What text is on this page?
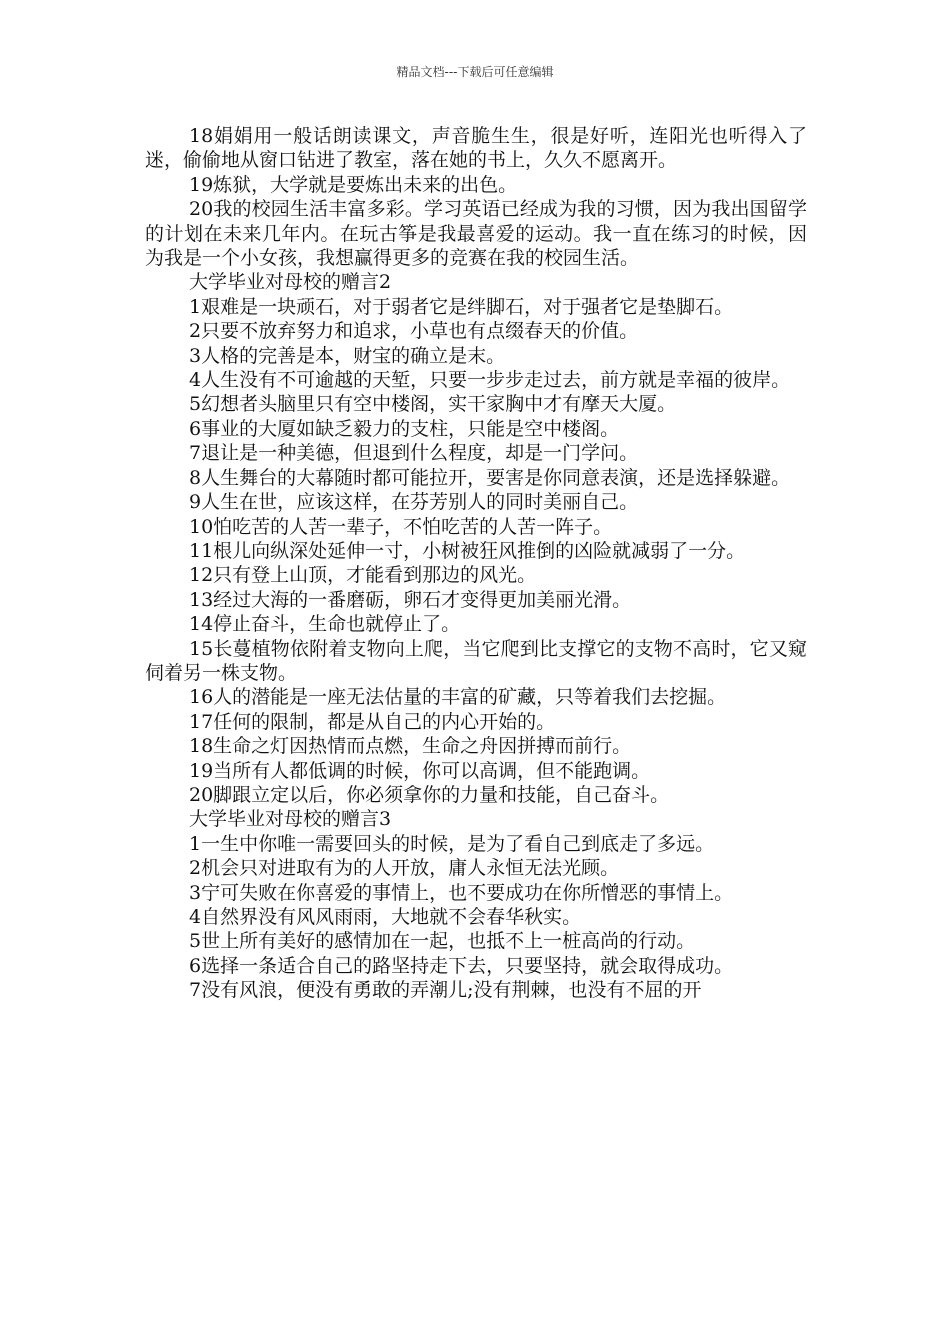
精品文档---下载后可任意编辑

18娟娟用一般话朗读课文，声音脆生生，很是好听，连阳光也听得入了迷，偷偷地从窗口钻进了教室，落在她的书上，久久不愿离开。

19炼狱，大学就是要炼出未来的出色。

20我的校园生活丰富多彩。学习英语已经成为我的习惯，因为我出国留学的计划在未来几年内。在玩古筝是我最喜爱的运动。我一直在练习的时候，因为我是一个小女孩，我想赢得更多的竞赛在我的校园生活。

大学毕业对母校的赠言2

1艰难是一块顽石，对于弱者它是绊脚石，对于强者它是垫脚石。

2只要不放弃努力和追求，小草也有点缀春天的价值。

3人格的完善是本，财宝的确立是末。

4人生没有不可逾越的天堑，只要一步步走过去，前方就是幸福的彼岸。

5幻想者头脑里只有空中楼阁，实干家胸中才有摩天大厦。

6事业的大厦如缺乏毅力的支柱，只能是空中楼阁。

7退让是一种美德，但退到什么程度，却是一门学问。

8人生舞台的大幕随时都可能拉开，要害是你同意表演，还是选择躲避。

9人生在世，应该这样，在芬芳别人的同时美丽自己。

10怕吃苦的人苦一辈子，不怕吃苦的人苦一阵子。

11根儿向纵深处延伸一寸，小树被狂风推倒的凶险就减弱了一分。

12只有登上山顶，才能看到那边的风光。

13经过大海的一番磨砺，卵石才变得更加美丽光滑。

14停止奋斗，生命也就停止了。

15长蔓植物依附着支物向上爬，当它爬到比支撑它的支物不高时，它又窥伺着另一株支物。

16人的潜能是一座无法估量的丰富的矿藏，只等着我们去挖掘。

17任何的限制，都是从自己的内心开始的。

18生命之灯因热情而点燃，生命之舟因拼搏而前行。

19当所有人都低调的时候，你可以高调，但不能跑调。

20脚跟立定以后，你必须拿你的力量和技能，自己奋斗。

大学毕业对母校的赠言3

1一生中你唯一需要回头的时候，是为了看自己到底走了多远。

2机会只对进取有为的人开放，庸人永恒无法光顾。

3宁可失败在你喜爱的事情上，也不要成功在你所憎恶的事情上。

4自然界没有风风雨雨，大地就不会春华秋实。

5世上所有美好的感情加在一起，也抵不上一桩高尚的行动。

6选择一条适合自己的路坚持走下去，只要坚持，就会取得成功。

7没有风浪，便没有勇敢的弄潮儿;没有荆棘，也没有不屈的开
